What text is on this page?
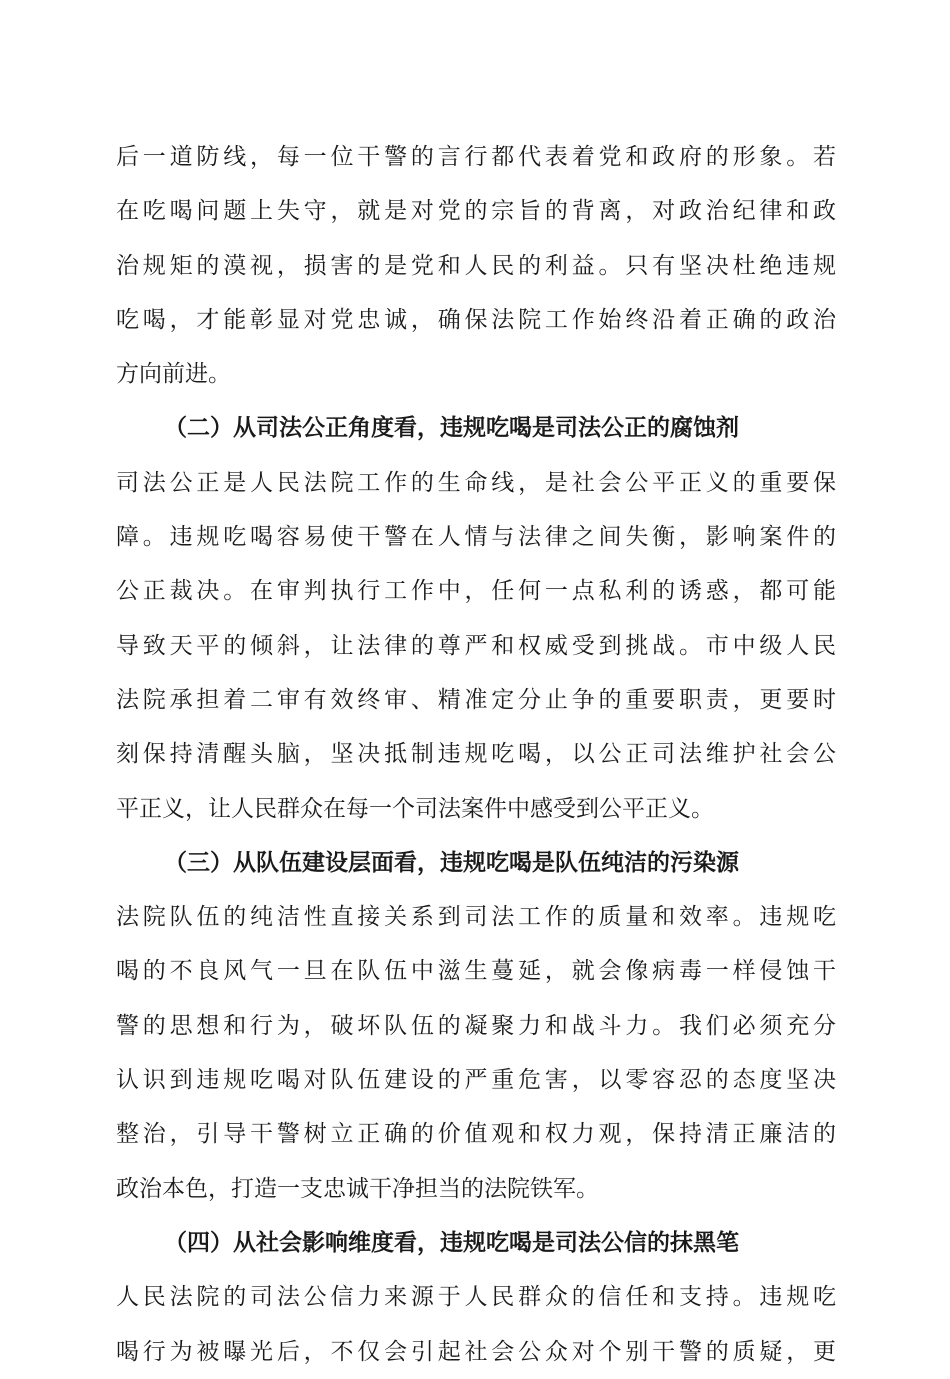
后一道防线，每一位干警的言行都代表着党和政府的形象。若
在吃喝问题上失守，就是对党的宗旨的背离，对政治纪律和政
治规矩的漠视，损害的是党和人民的利益。只有坚决杜绝违规
吃喝，才能彰显对党忠诚，确保法院工作始终沿着正确的政治
方向前进。
（二）从司法公正角度看，违规吃喝是司法公正的腐蚀剂
司法公正是人民法院工作的生命线，是社会公平正义的重要保
障。违规吃喝容易使干警在人情与法律之间失衡，影响案件的
公正裁决。在审判执行工作中，任何一点私利的诱惑，都可能
导致天平的倾斜，让法律的尊严和权威受到挑战。市中级人民
法院承担着二审有效终审、精准定分止争的重要职责，更要时
刻保持清醒头脑，坚决抵制违规吃喝，以公正司法维护社会公
平正义，让人民群众在每一个司法案件中感受到公平正义。
（三）从队伍建设层面看，违规吃喝是队伍纯洁的污染源
法院队伍的纯洁性直接关系到司法工作的质量和效率。违规吃
喝的不良风气一旦在队伍中滋生蔓延，就会像病毒一样侵蚀干
警的思想和行为，破坏队伍的凝聚力和战斗力。我们必须充分
认识到违规吃喝对队伍建设的严重危害，以零容忍的态度坚决
整治，引导干警树立正确的价值观和权力观，保持清正廉洁的
政治本色，打造一支忠诚干净担当的法院铁军。
（四）从社会影响维度看，违规吃喝是司法公信的抹黑笔
人民法院的司法公信力来源于人民群众的信任和支持。违规吃
喝行为被曝光后，不仅会引起社会公众对个别干警的质疑，更
